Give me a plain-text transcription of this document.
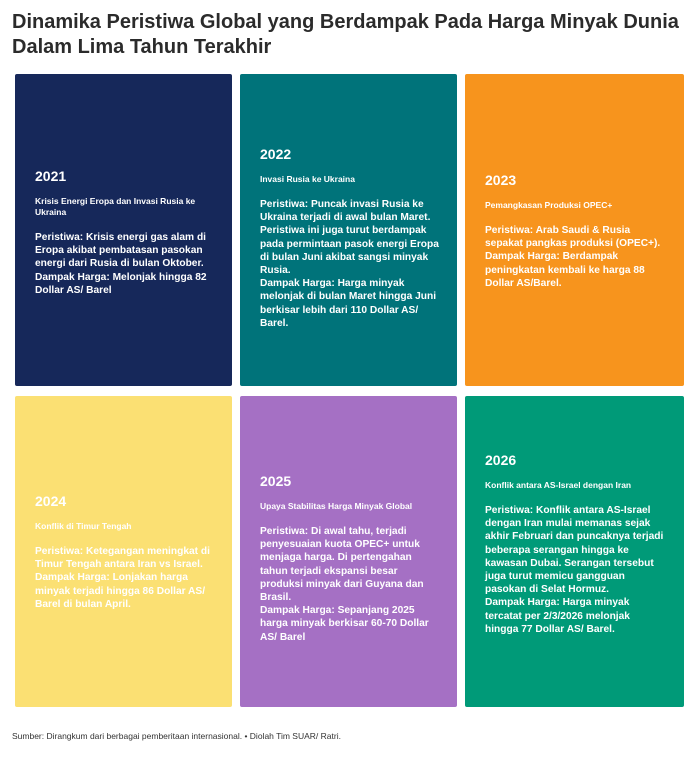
Dinamika Peristiwa Global yang Berdampak Pada Harga Minyak Dunia Dalam Lima Tahun Terakhir
2021
Krisis Energi Eropa dan Invasi Rusia ke Ukraina
Peristiwa: Krisis energi gas alam di Eropa akibat pembatasan pasokan energi dari Rusia di bulan Oktober.
Dampak Harga: Melonjak hingga 82 Dollar AS/ Barel
2022
Invasi Rusia ke Ukraina
Peristiwa: Puncak invasi Rusia ke Ukraina terjadi di awal bulan Maret. Peristiwa ini juga turut berdampak pada permintaan pasok energi Eropa di bulan Juni akibat sangsi minyak Rusia.
Dampak Harga: Harga minyak melonjak di bulan Maret hingga Juni berkisar lebih dari 110 Dollar AS/ Barel.
2023
Pemangkasan Produksi OPEC+
Peristiwa: Arab Saudi & Rusia sepakat pangkas produksi (OPEC+).
Dampak Harga: Berdampak peningkatan kembali ke harga 88 Dollar AS/Barel.
2024
Konflik di Timur Tengah
Peristiwa: Ketegangan meningkat di Timur Tengah antara Iran vs Israel.
Dampak Harga: Lonjakan harga minyak terjadi hingga 86 Dollar AS/ Barel di bulan April.
2025
Upaya Stabilitas Harga Minyak Global
Peristiwa: Di awal tahu, terjadi penyesuaian kuota OPEC+ untuk menjaga harga. Di pertengahan tahun terjadi ekspansi besar produksi minyak dari Guyana dan Brasil.
Dampak Harga: Sepanjang 2025 harga minyak berkisar 60-70 Dollar AS/ Barel
2026
Konflik antara AS-Israel dengan Iran
Peristiwa: Konflik antara AS-Israel dengan Iran mulai memanas sejak akhir Februari dan puncaknya terjadi beberapa serangan hingga ke kawasan Dubai. Serangan tersebut juga turut memicu gangguan pasokan di Selat Hormuz.
Dampak Harga: Harga minyak tercatat per 2/3/2026 melonjak hingga 77 Dollar AS/ Barel.
Sumber: Dirangkum dari berbagai pemberitaan internasional. • Diolah Tim SUAR/ Ratri.
